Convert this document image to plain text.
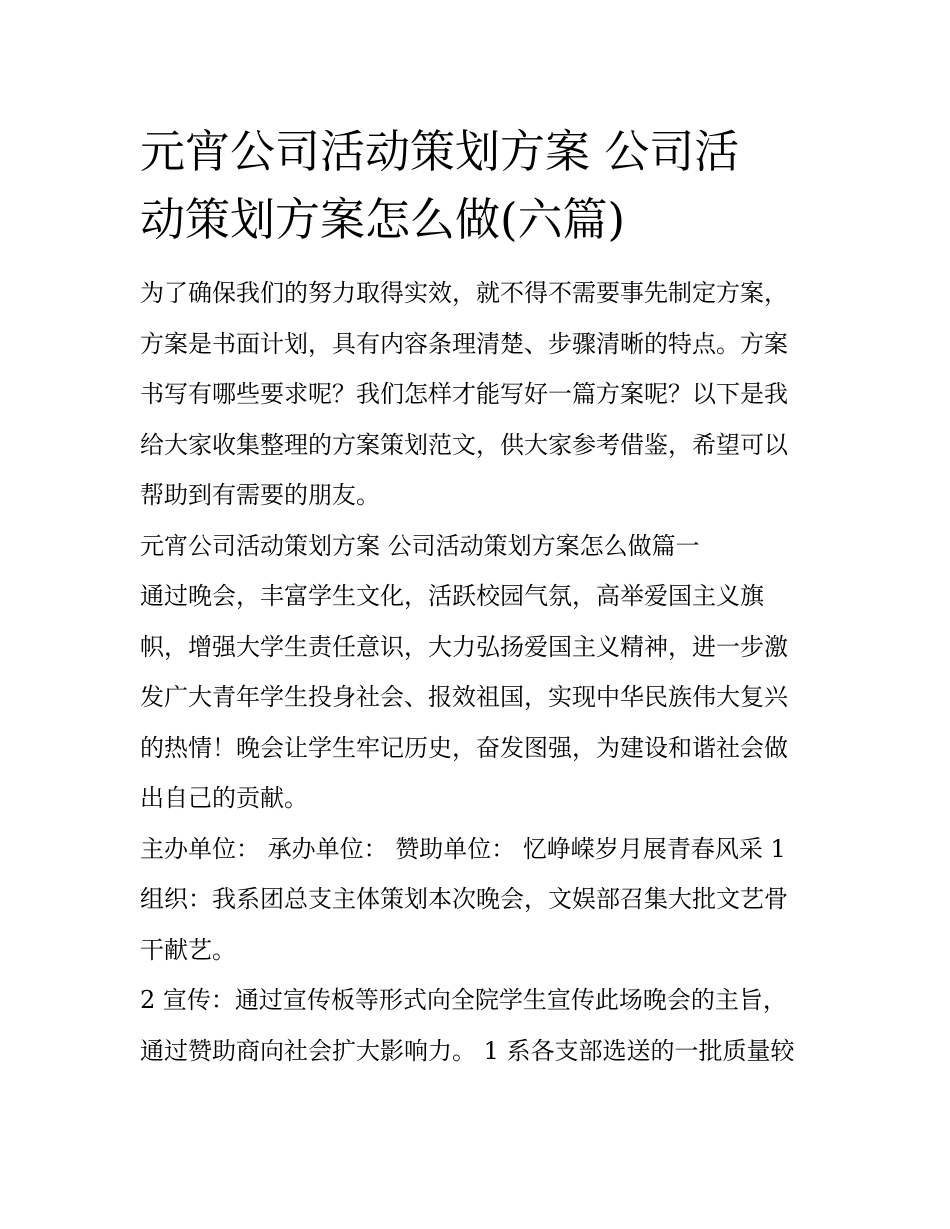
元宵公司活动策划方案 公司活
动策划方案怎么做(六篇)

为了确保我们的努力取得实效，就不得不需要事先制定方案，
方案是书面计划，具有内容条理清楚、步骤清晰的特点。方案
书写有哪些要求呢？我们怎样才能写好一篇方案呢？以下是我
给大家收集整理的方案策划范文，供大家参考借鉴，希望可以
帮助到有需要的朋友。

元宵公司活动策划方案 公司活动策划方案怎么做篇一

通过晚会，丰富学生文化，活跃校园气氛，高举爱国主义旗
帜，增强大学生责任意识，大力弘扬爱国主义精神，进一步激
发广大青年学生投身社会、报效祖国，实现中华民族伟大复兴
的热情！晚会让学生牢记历史，奋发图强，为建设和谐社会做
出自己的贡献。

主办单位： 承办单位： 赞助单位： 忆峥嵘岁月展青春风采 1

组织：我系团总支主体策划本次晚会，文娱部召集大批文艺骨
干献艺。

2 宣传：通过宣传板等形式向全院学生宣传此场晚会的主旨，
通过赞助商向社会扩大影响力。 1 系各支部选送的一批质量较
